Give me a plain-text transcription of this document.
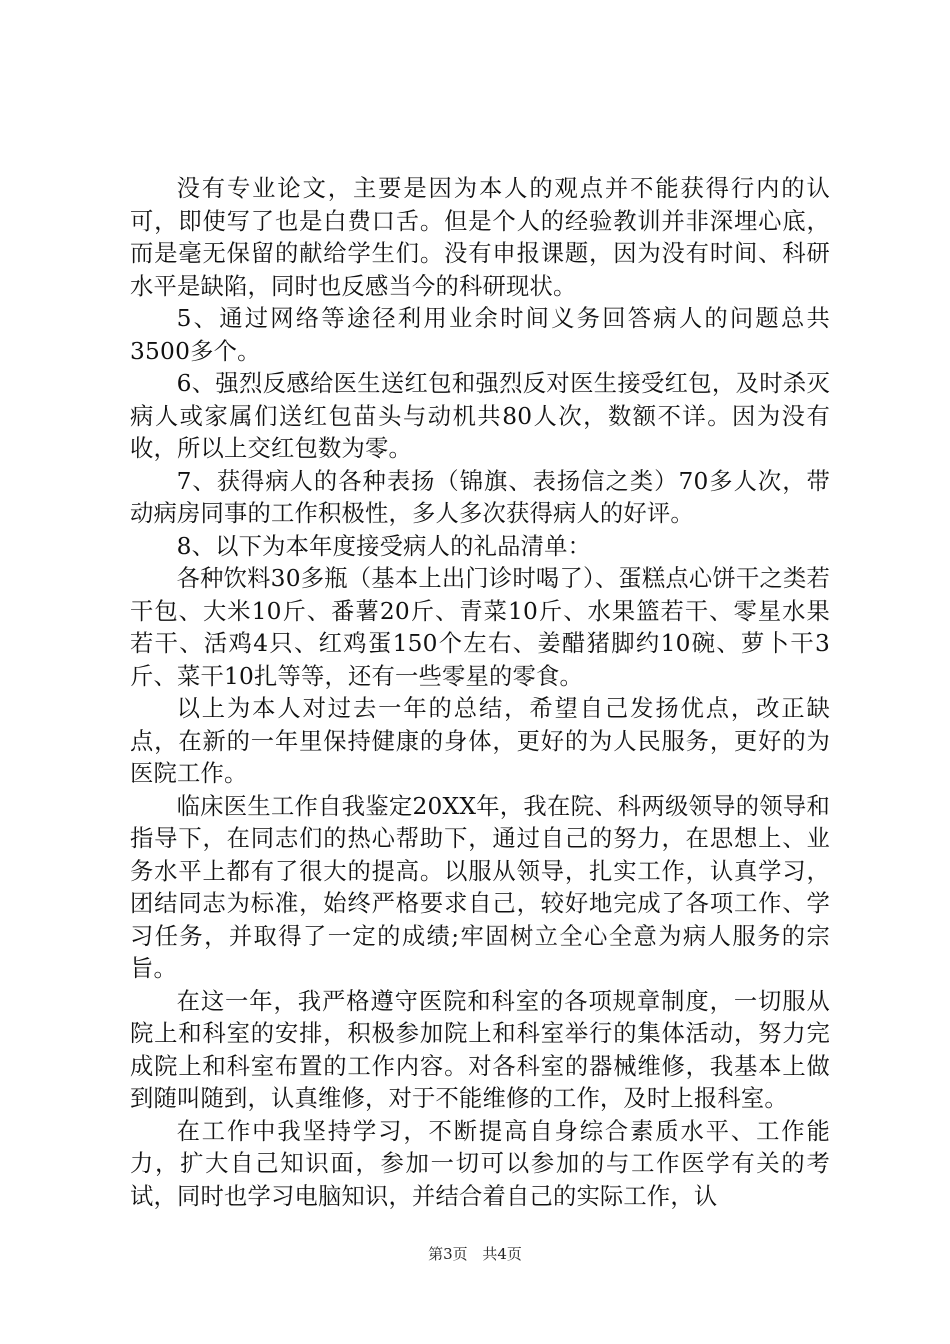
没有专业论文，主要是因为本人的观点并不能获得行内的认可，即使写了也是白费口舌。但是个人的经验教训并非深埋心底，而是毫无保留的献给学生们。没有申报课题，因为没有时间、科研水平是缺陷，同时也反感当今的科研现状。

5、通过网络等途径利用业余时间义务回答病人的问题总共3500多个。

6、强烈反感给医生送红包和强烈反对医生接受红包，及时杀灭病人或家属们送红包苗头与动机共80人次，数额不详。因为没有收，所以上交红包数为零。

7、获得病人的各种表扬（锦旗、表扬信之类）70多人次，带动病房同事的工作积极性，多人多次获得病人的好评。

8、以下为本年度接受病人的礼品清单：

各种饮料30多瓶（基本上出门诊时喝了）、蛋糕点心饼干之类若干包、大米10斤、番薯20斤、青菜10斤、水果篮若干、零星水果若干、活鸡4只、红鸡蛋150个左右、姜醋猪脚约10碗、萝卜干3斤、菜干10扎等等，还有一些零星的零食。

以上为本人对过去一年的总结，希望自己发扬优点，改正缺点，在新的一年里保持健康的身体，更好的为人民服务，更好的为医院工作。

临床医生工作自我鉴定20XX年，我在院、科两级领导的领导和指导下，在同志们的热心帮助下，通过自己的努力，在思想上、业务水平上都有了很大的提高。以服从领导，扎实工作，认真学习，团结同志为标准，始终严格要求自己，较好地完成了各项工作、学习任务，并取得了一定的成绩;牢固树立全心全意为病人服务的宗旨。

在这一年，我严格遵守医院和科室的各项规章制度，一切服从院上和科室的安排，积极参加院上和科室举行的集体活动，努力完成院上和科室布置的工作内容。对各科室的器械维修，我基本上做到随叫随到，认真维修，对于不能维修的工作，及时上报科室。

在工作中我坚持学习，不断提高自身综合素质水平、工作能力，扩大自己知识面，参加一切可以参加的与工作医学有关的考试，同时也学习电脑知识，并结合着自己的实际工作，认

第3页 共4页
